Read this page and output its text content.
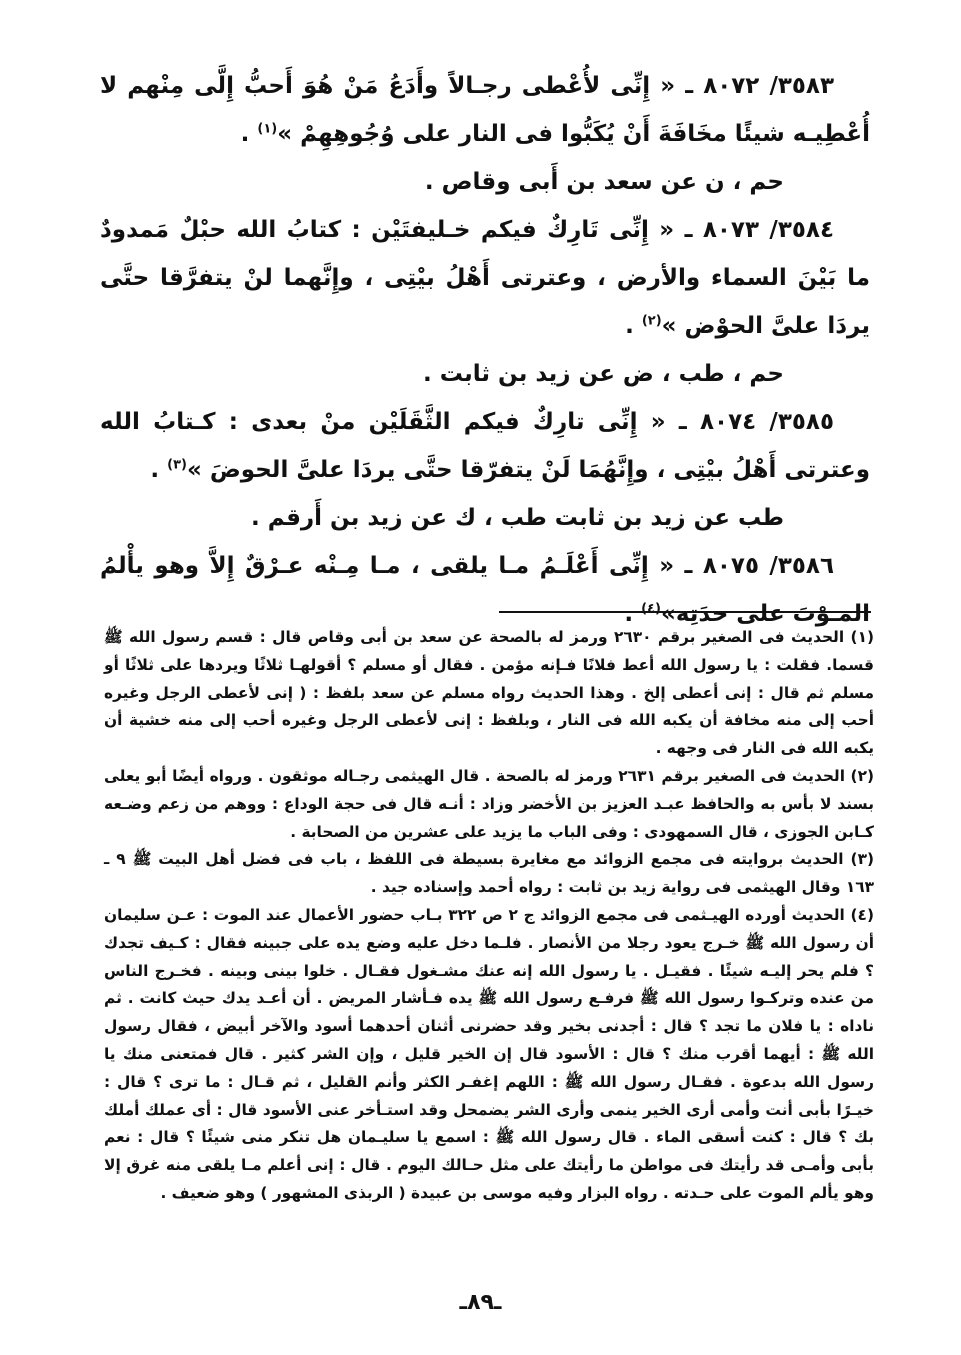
٣٥٨٣/ ٨٠٧٢ ـ « إِنِّى لأُعْطى رجـالاً وأَدَعُ مَنْ هُوَ أَحبُّ إِلَّى مِنْهم لا أُعْطِيـه شيئًا مخَافَةَ أَنْ يُكَبُّوا فى النار على وُجُوهِهِمْ »$^{(١)}$ .

حم ، ن عن سعد بن أَبى وقاص .

٣٥٨٤/ ٨٠٧٣ ـ « إِنِّى تَارِكٌ فيكم خـليفتَيْن : كتابُ الله حبْلٌ مَمدودٌ ما بَيْنَ السماء والأرض ، وعترتى أَهْلُ بيْتِى ، وإِنَّهما لنْ يتفرَّقا حتَّى يردَا علىَّ الحوْض »$^{(٢)}$ .

حم ، طب ، ض عن زيد بن ثابت .

٣٥٨٥/ ٨٠٧٤ ـ « إِنِّى تارِكٌ فيكم الثَّقَلَيْن منْ بعدى : كـتابُ الله وعترتى أَهْلُ بيْتِى ، وإِنَّهُمَا لَنْ يتفرّقا حتَّى يردَا علىَّ الحوضَ »$^{(٣)}$ .

طب عن زيد بن ثابت طب ، ك عن زيد بن أَرقم .

٣٥٨٦/ ٨٠٧٥ ـ « إِنِّى أَعْلَـمُ مـا يلقى ، مـا مِـنْه عـرْقٌ إِلاَّ وهو يأْلمُ المـوْتَ على حدَتِه»$^{(٤)}$ .

(١) الحديث فى الصغير برقم ٢٦٣٠ ورمز له بالصحة عن سعد بن أبى وقاص قال : قسم رسول الله ﷺ قسما. فقلت : يا رسول الله أعط فلانًا فـإنه مؤمن . فقال أو مسلم ؟ أقولهـا ثلاثًا ويردها على ثلاثًا أو مسلم ثم قال : إنى أعطى إلخ . وهذا الحديث رواه مسلم عن سعد بلفظ : ( إنى لأعطى الرجل وغيره أحب إلى منه مخافة أن يكبه الله فى النار ، وبلفظ : إنى لأعطى الرجل وغيره أحب إلى منه خشية أن يكبه الله فى النار فى وجهه .

(٢) الحديث فى الصغير برقم ٢٦٣١ ورمز له بالصحة . قال الهيثمى رجـاله موثقون . ورواه أيضًا أبو يعلى بسند لا بأس به والحافظ عبـد العزيز بن الأخضر وزاد : أنـه قال فى حجة الوداع : ووهم من زعم وضـعه كـابن الجوزى ، قال السمهودى : وفى الباب ما يزيد على عشرين من الصحابة .

(٣) الحديث بروايته فى مجمع الزوائد مع مغايرة بسيطة فى اللفظ ، باب فى فضل أهل البيت ﷺ ٩ ـ ١٦٣ وقال الهيثمى فى رواية زيد بن ثابت : رواه أحمد وإسناده جيد .

(٤) الحديث أورده الهيـثمى فى مجمع الزوائد ج ٢ ص ٣٢٢ بـاب حضور الأعمال عند الموت : عـن سليمان أن رسول الله ﷺ خـرج يعود رجلا من الأنصار . فلـما دخل عليه وضع يده على جبينه فقال : كـيف تجدك ؟ فلم يحر إليـه شيئًا . فقيـل . يا رسول الله إنه عنك مشـغول فقـال . خلوا بينى وبينه . فخـرج الناس من عنده وتركـوا رسول الله ﷺ فرفـع رسول الله ﷺ يده فـأشار المريض . أن أعـد يدك حيث كانت . ثم ناداه : يا فلان ما تجد ؟ قال : أجدنى بخير وقد حضرنى أثنان أحدهما أسود والآخر أبيض ، فقال رسول الله ﷺ : أيهما أقرب منك ؟ قال : الأسود قال إن الخير قليل ، وإن الشر كثير . قال فمتعنى منك يا رسول الله بدعوة . فقـال رسول الله ﷺ : اللهم إغفـر الكثر وأنم القليل ، ثم قـال : ما ترى ؟ قال : خيـرًا بأبى أنت وأمى أرى الخير ينمى وأرى الشر يضمحل وقد استـأخر عنى الأسود قال : أى عملك أملك بك ؟ قال : كنت أسقى الماء . قال رسول الله ﷺ : اسمع يا سليـمان هل تنكر منى شيئًا ؟ قال : نعم بأبى وأمـى قد رأيتك فى مواطن ما رأيتك على مثل حـالك اليوم . قال : إنى أعلم مـا يلقى منه غرق إلا وهو يألم الموت على حـدته . رواه البزار وفيه موسى بن عبيدة ( الربذى المشهور ) وهو ضعيف .

ـ٨٩ـ
